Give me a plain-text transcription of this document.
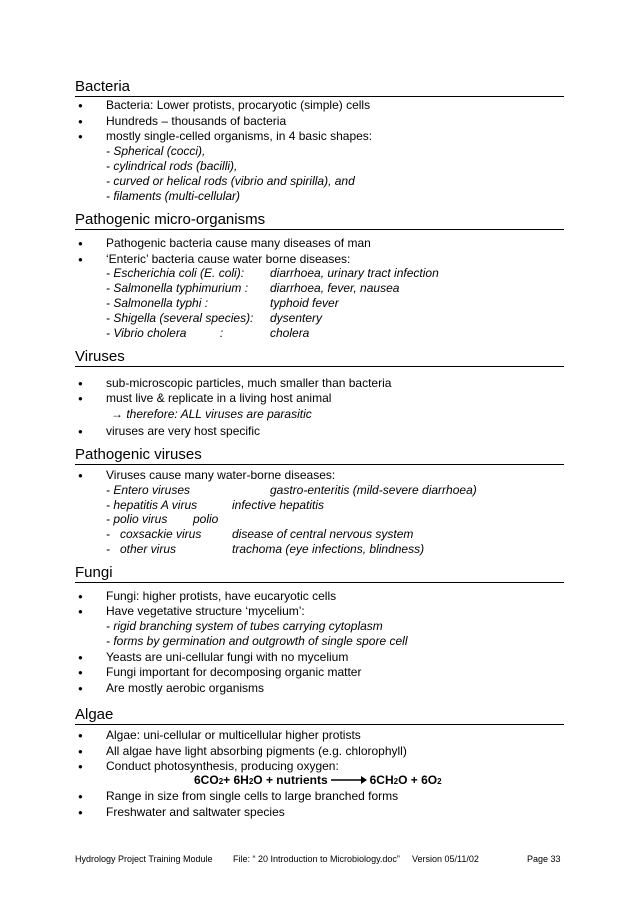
Bacteria
● Bacteria: Lower protists, procaryotic (simple) cells
● Hundreds – thousands of bacteria
● mostly single-celled organisms, in 4 basic shapes:
- Spherical (cocci),
- cylindrical rods (bacilli),
- curved or helical rods (vibrio and spirilla), and
- filaments (multi-cellular)
Pathogenic micro-organisms
● Pathogenic bacteria cause many diseases of man
● ‘Enteric’ bacteria cause water borne diseases:
- Escherichia coli (E. coli): diarrhoea, urinary tract infection
- Salmonella typhimurium : diarrhoea, fever, nausea
- Salmonella typhi :	typhoid fever
- Shigella (several species): dysentery
- Vibrio cholera          :	cholera
Viruses
● sub-microscopic particles, much smaller than bacteria
● must live & replicate in a living host animal
→ therefore: ALL viruses are parasitic
● viruses are very host specific
Pathogenic viruses
● Viruses cause many water-borne diseases:
- Entero viruses	gastro-enteritis (mild-severe diarrhoea)
- hepatitis A virus	infective hepatitis
- polio virus polio
-   coxsackie virus	disease of central nervous system
-   other virus	trachoma (eye infections, blindness)
Fungi
● Fungi: higher protists, have eucaryotic cells
● Have vegetative structure ‘mycelium’:
- rigid branching system of tubes carrying cytoplasm
- forms by germination and outgrowth of single spore cell
● Yeasts are uni-cellular fungi with no mycelium
● Fungi important for decomposing organic matter
● Are mostly aerobic organisms
Algae
● Algae: uni-cellular or multicellular higher protists
● All algae have light absorbing pigments (e.g. chlorophyll)
● Conduct photosynthesis, producing oxygen:
6CO 2 + 6H 2 O + nutrients → 6CH 2 O + 6O 2
● Range in size from single cells to large branched forms
● Freshwater and saltwater species
Hydrology Project Training Module File: “ 20 Introduction to Microbiology.doc” Version 05/11/02	Page 33
